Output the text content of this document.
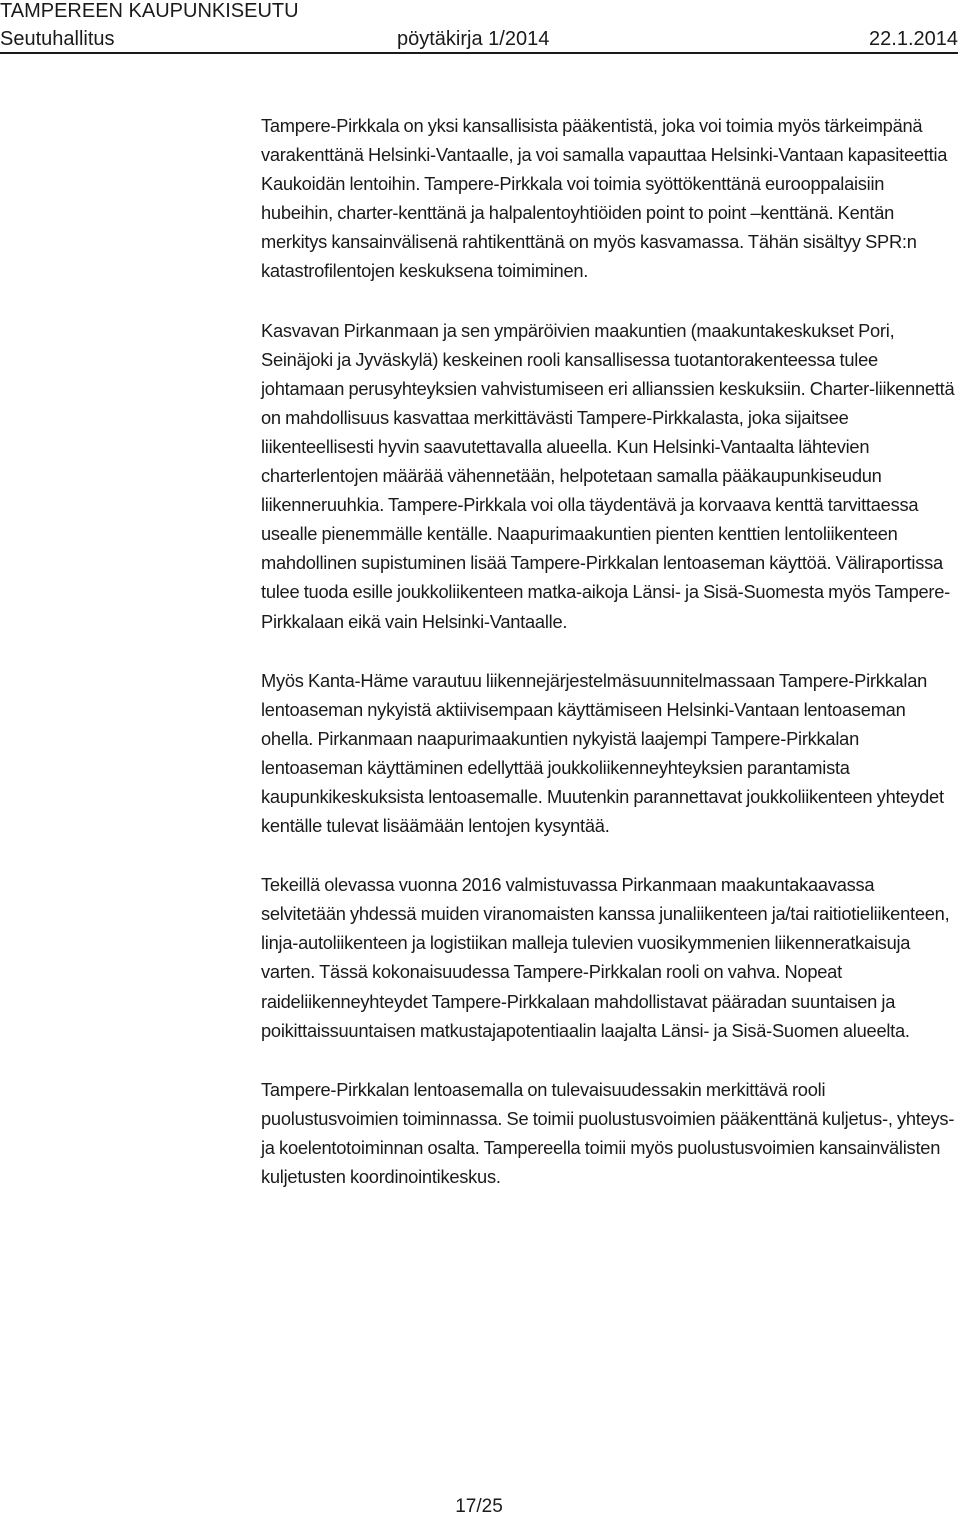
TAMPEREEN KAUPUNKISEUTU
Seutuhallitus	pöytäkirja 1/2014	22.1.2014

Tampere-Pirkkala on yksi kansallisista pääkentistä, joka voi toimia myös tärkeimpänä varakenttänä Helsinki-Vantaalle, ja voi samalla vapauttaa Helsinki-Vantaan kapasiteettia Kaukoidän lentoihin. Tampere-Pirkkala voi toimia syöttökenttänä eurooppalaisiin hubeihin, charter-kenttänä ja halpalentoyhtiöiden point to point –kenttänä. Kentän merkitys kansainvälisenä rahtikenttänä on myös kasvamassa. Tähän sisältyy SPR:n katastrofilentojen keskuksena toimiminen.

Kasvavan Pirkanmaan ja sen ympäröivien maakuntien (maakuntakeskukset Pori, Seinäjoki ja Jyväskylä) keskeinen rooli kansallisessa tuotantorakenteessa tulee johtamaan perusyhteyksien vahvistumiseen eri allianssien keskuksiin. Charter-liikennettä on mahdollisuus kasvattaa merkittävästi Tampere-Pirkkalasta, joka sijaitsee liikenteellisesti hyvin saavutettavalla alueella. Kun Helsinki-Vantaalta lähtevien charterlentojen määrää vähennetään, helpotetaan samalla pääkaupunkiseudun liikenneruuhkia. Tampere-Pirkkala voi olla täydentävä ja korvaava kenttä tarvittaessa usealle pienemmälle kentälle. Naapurimaakuntien pienten kenttien lentoliikenteen mahdollinen supistuminen lisää Tampere-Pirkkalan lentoaseman käyttöä. Väliraportissa tulee tuoda esille joukkoliikenteen matka-aikoja Länsi- ja Sisä-Suomesta myös Tampere-Pirkkalaan eikä vain Helsinki-Vantaalle.

Myös Kanta-Häme varautuu liikennejärjestelmäsuunnitelmassaan Tampere-Pirkkalan lentoaseman nykyistä aktiivisempaan käyttämiseen Helsinki-Vantaan lentoaseman ohella. Pirkanmaan naapurimaakuntien nykyistä laajempi Tampere-Pirkkalan lentoaseman käyttäminen edellyttää joukkoliikenneyhteyksien parantamista kaupunkikeskuksista lentoasemalle. Muutenkin parannettavat joukkoliikenteen yhteydet kentälle tulevat lisäämään lentojen kysyntää.

Tekeillä olevassa vuonna 2016 valmistuvassa Pirkanmaan maakuntakaavassa selvitetään yhdessä muiden viranomaisten kanssa junaliikenteen ja/tai raitiotieliikenteen, linja-autoliikenteen ja logistiikan malleja tulevien vuosikymmenien liikenneratkaisuja varten. Tässä kokonaisuudessa Tampere-Pirkkalan rooli on vahva. Nopeat raideliikenneyhteydet Tampere-Pirkkalaan mahdollistavat pääradan suuntaisen ja poikittaissuuntaisen matkustajapotentiaalin laajalta Länsi- ja Sisä-Suomen alueelta.

Tampere-Pirkkalan lentoasemalla on tulevaisuudessakin merkittävä rooli puolustusvoimien toiminnassa. Se toimii puolustusvoimien pääkenttänä kuljetus-, yhteys- ja koelentotoiminnan osalta. Tampereella toimii myös puolustusvoimien kansainvälisten kuljetusten koordinointikeskus.

17/25
